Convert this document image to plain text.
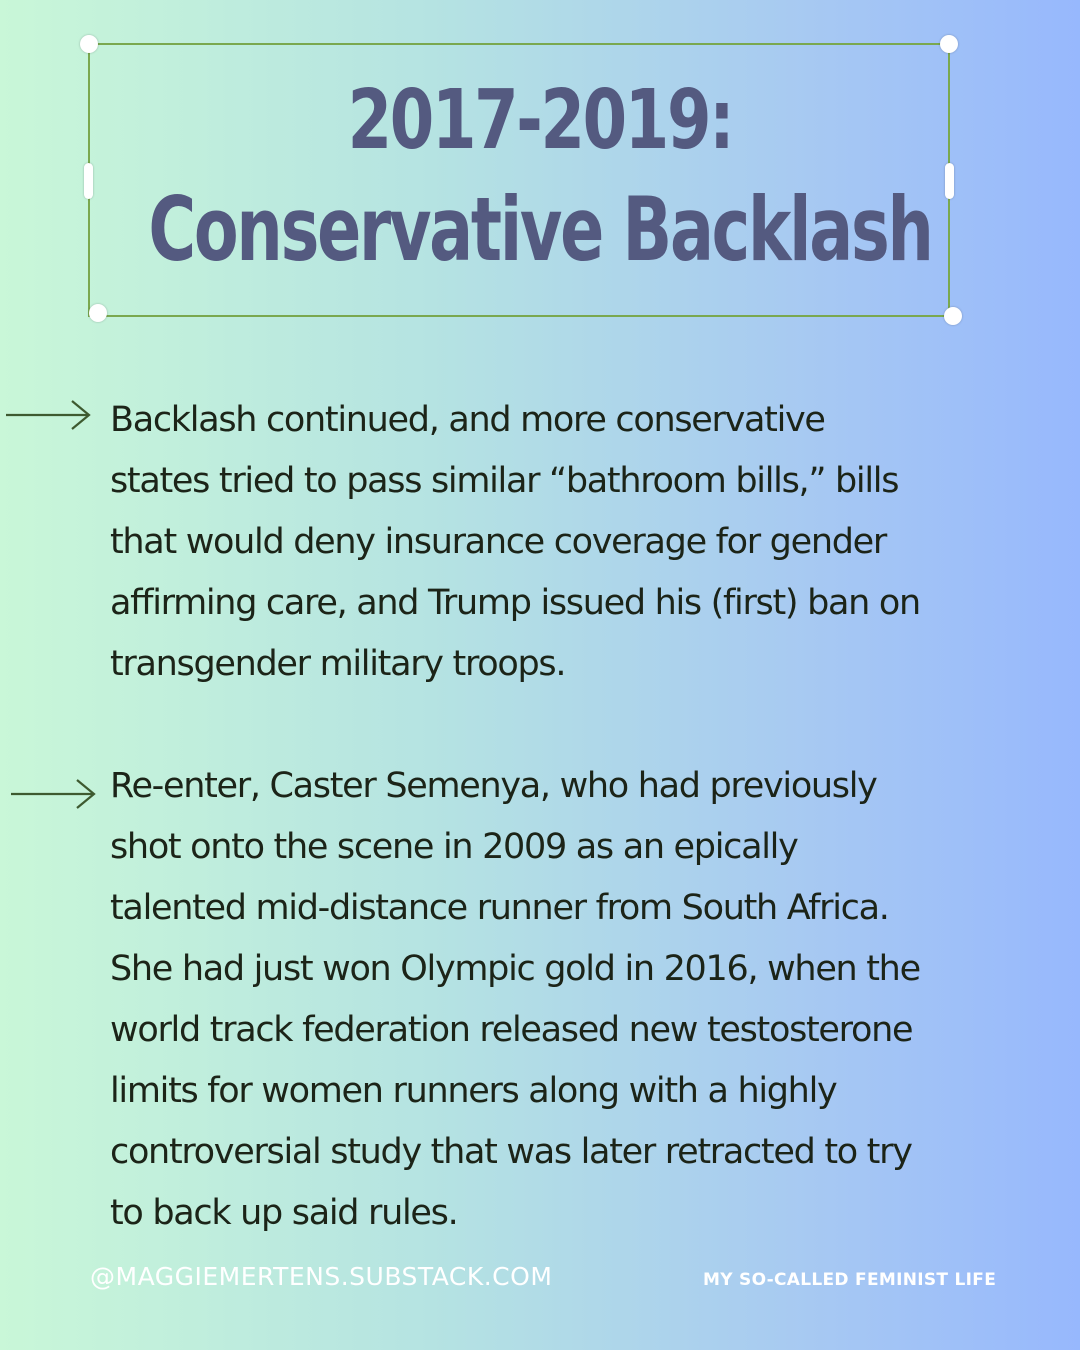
2017-2019:
Conservative Backlash
Backlash continued, and more conservative
states tried to pass similar “bathroom bills,” bills
that would deny insurance coverage for gender
affirming care, and Trump issued his (first) ban on
transgender military troops.
Re-enter, Caster Semenya, who had previously
shot onto the scene in 2009 as an epically
talented mid-distance runner from South Africa.
She had just won Olympic gold in 2016, when the
world track federation released new testosterone
limits for women runners along with a highly
controversial study that was later retracted to try
to back up said rules.
@MAGGIEMERTENS.SUBSTACK.COM	MY SO-CALLED FEMINIST LIFE
